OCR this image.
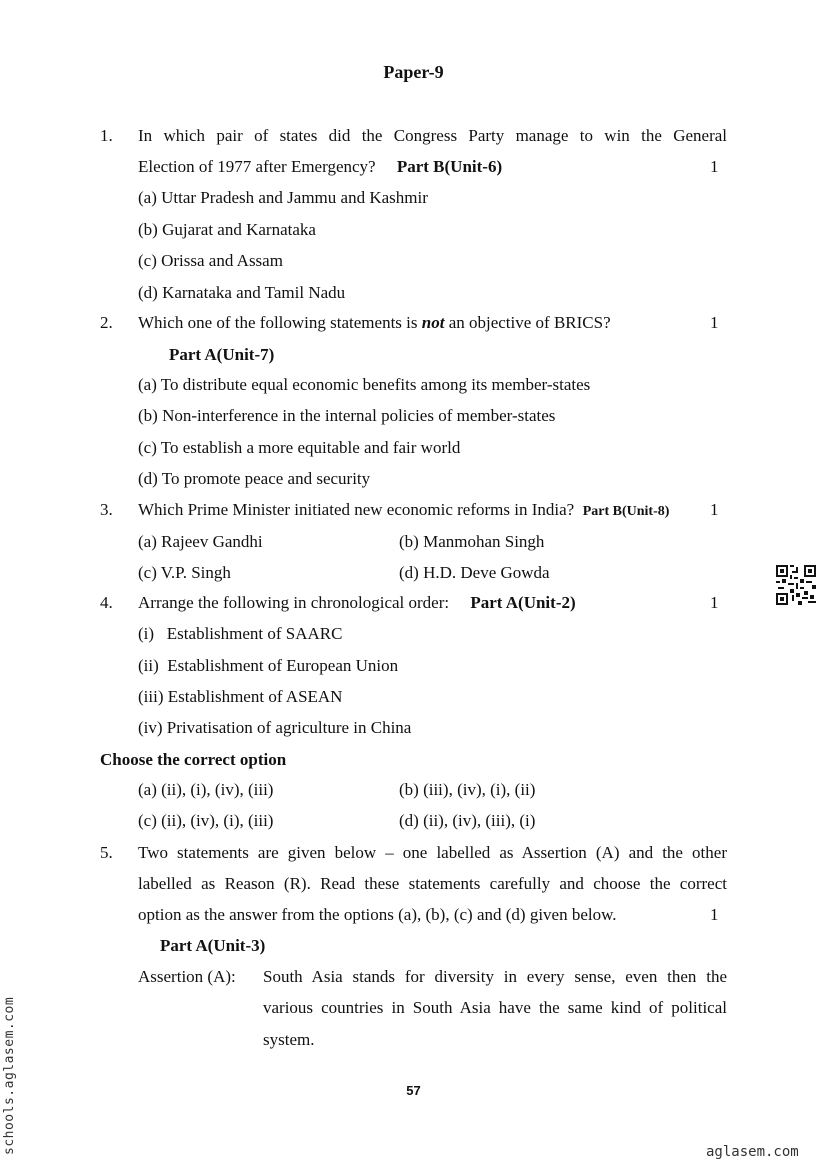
Paper-9
1. In which pair of states did the Congress Party manage to win the General
Election of 1977 after Emergency? Part B(Unit-6)	1
(a) Uttar Pradesh and Jammu and Kashmir
(b) Gujarat and Karnataka
(c) Orissa and Assam
(d) Karnataka and Tamil Nadu
2. Which one of the following statements is not an objective of BRICS?	1
Part A(Unit-7)
(a) To distribute equal economic benefits among its member-states
(b) Non-interference in the internal policies of member-states
(c) To establish a more equitable and fair world
(d) To promote peace and security
3. Which Prime Minister initiated new economic reforms in India? Part B(Unit-8) 1
(a) Rajeev Gandhi	(b) Manmohan Singh
(c) V.P. Singh	(d) H.D. Deve Gowda
4. Arrange the following in chronological order: Part A(Unit-2)	1
(i)   Establishment of SAARC
(ii)  Establishment of European Union
(iii) Establishment of ASEAN
(iv) Privatisation of agriculture in China
Choose the correct option
(a) (ii), (i), (iv), (iii)	(b) (iii), (iv), (i), (ii)
(c) (ii), (iv), (i), (iii)	(d) (ii), (iv), (iii), (i)
5. Two statements are given below – one labelled as Assertion (A) and the other
labelled as Reason (R). Read these statements carefully and choose the correct
option as the answer from the options (a), (b), (c) and (d) given below.	1
Part A(Unit-3)
Assertion (A): South Asia stands for diversity in every sense, even then the
various countries in South Asia have the same kind of political
system.
57
schools.aglasem.com	aglasem.com
